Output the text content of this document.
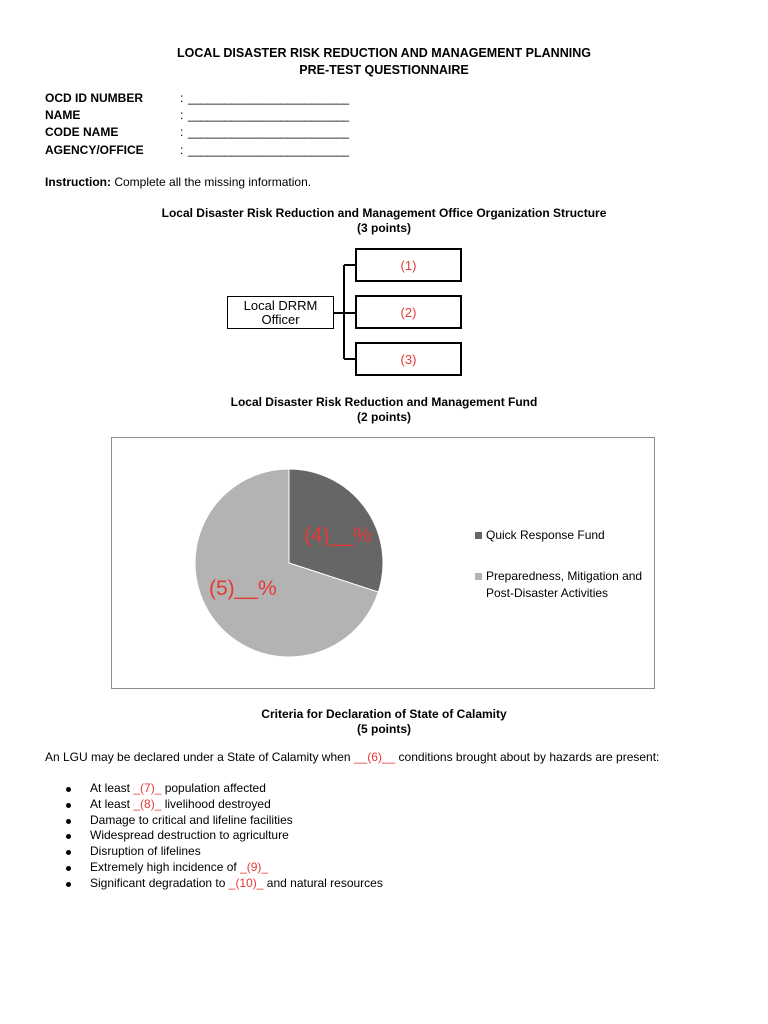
LOCAL DISASTER RISK REDUCTION AND MANAGEMENT PLANNING
PRE-TEST QUESTIONNAIRE
OCD ID NUMBER	: __________________________
NAME	: __________________________
CODE NAME	: __________________________
AGENCY/OFFICE	: __________________________
Instruction: Complete all the missing information.
Local Disaster Risk Reduction and Management Office Organization Structure
(3 points)
Local DRRM
Officer
(1)
(2)
(3)
Local Disaster Risk Reduction and Management Fund
(2 points)
(4)__%
(5)__%
Quick Response Fund
Preparedness, Mitigation and
Post-Disaster Activities
Criteria for Declaration of State of Calamity
(5 points)
An LGU may be declared under a State of Calamity when __(6)__ conditions brought about by hazards are present:
At least _(7)_ population affected
At least _(8)_ livelihood destroyed
Damage to critical and lifeline facilities
Widespread destruction to agriculture
Disruption of lifelines
Extremely high incidence of _(9)_
Significant degradation to _(10)_ and natural resources
